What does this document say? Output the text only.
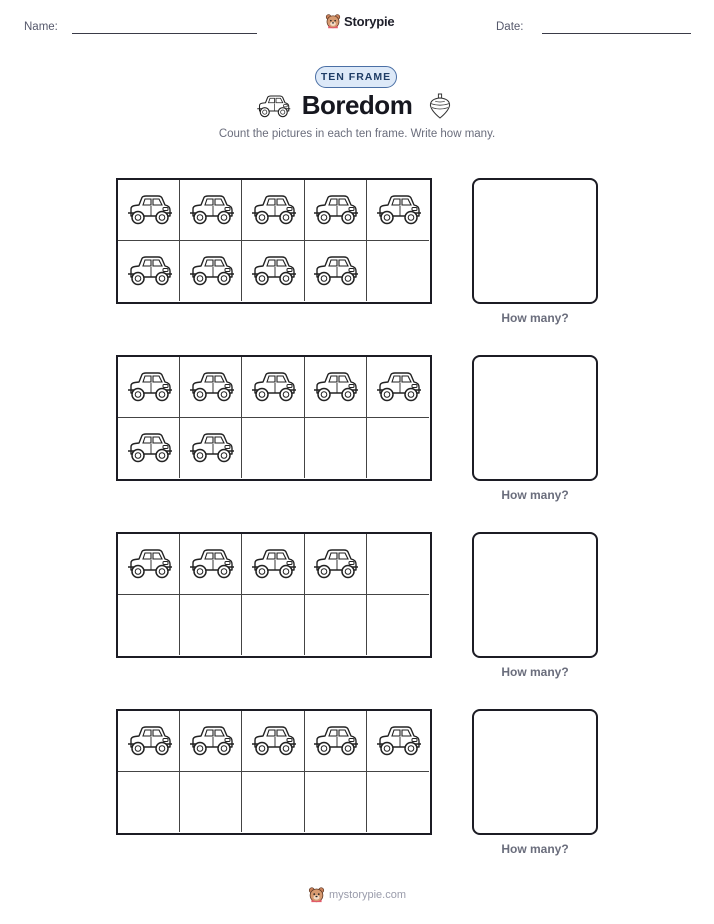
Name:	Storypie	Date:
TEN FRAME
Boredom
Count the pictures in each ten frame. Write how many.
How many?
How many?
How many?
How many?
mystorypie.com
